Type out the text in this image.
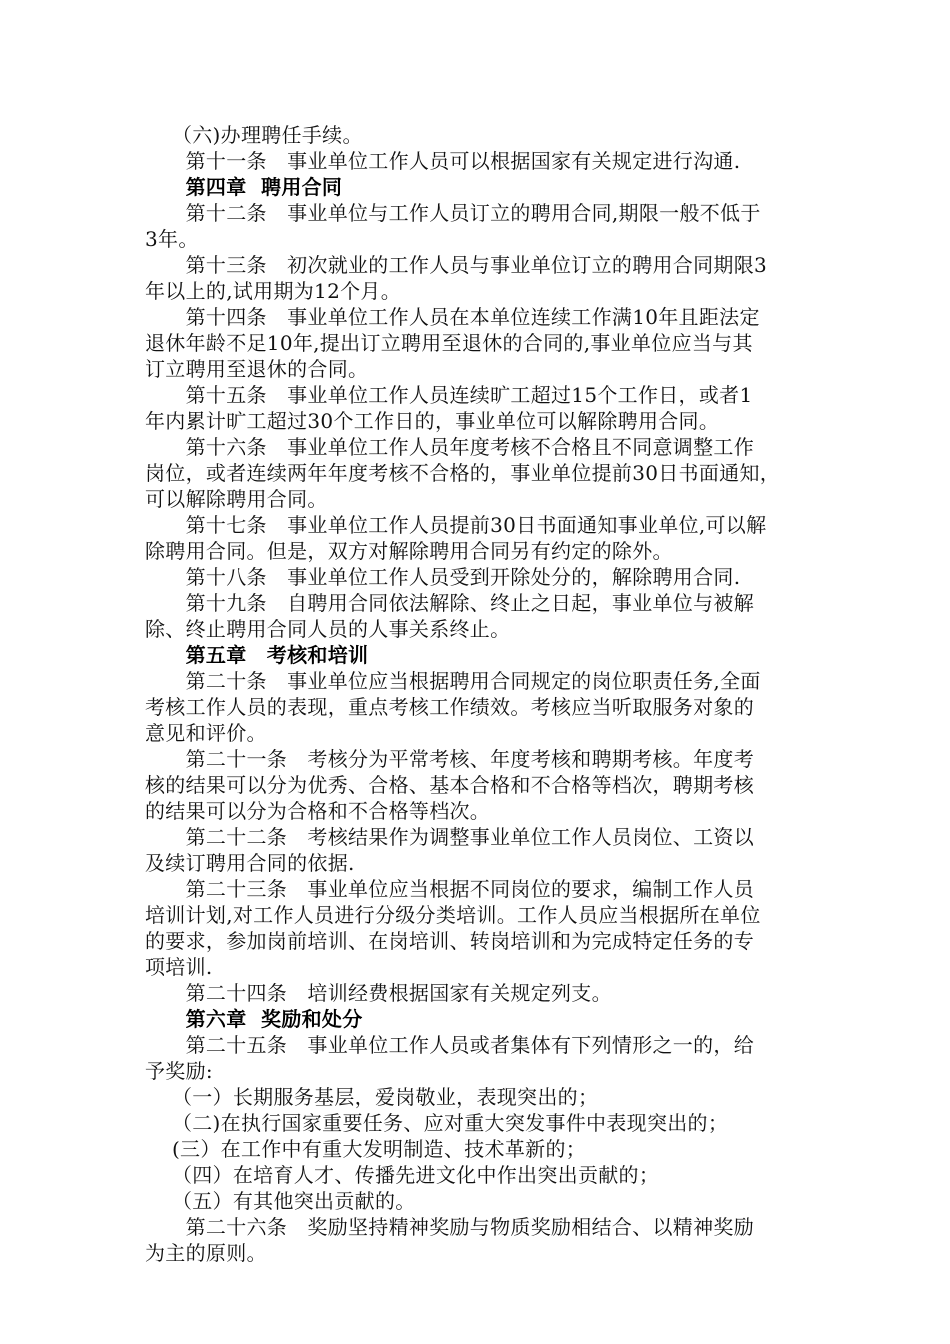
　 （六)办理聘任手续。
　　第十一条　事业单位工作人员可以根据国家有关规定进行沟通.
　　第四章  聘用合同
　　第十二条　事业单位与工作人员订立的聘用合同,期限一般不低于
3年。
　　第十三条　初次就业的工作人员与事业单位订立的聘用合同期限3
年以上的,试用期为12个月。
　　第十四条　事业单位工作人员在本单位连续工作满10年且距法定
退休年龄不足10年,提出订立聘用至退休的合同的,事业单位应当与其
订立聘用至退休的合同。
　　第十五条　事业单位工作人员连续旷工超过15个工作日，或者1
年内累计旷工超过30个工作日的，事业单位可以解除聘用合同。
　　第十六条　事业单位工作人员年度考核不合格且不同意调整工作
岗位，或者连续两年年度考核不合格的，事业单位提前30日书面通知，
可以解除聘用合同。
　　第十七条　事业单位工作人员提前30日书面通知事业单位,可以解
除聘用合同。但是，双方对解除聘用合同另有约定的除外。
　　第十八条　事业单位工作人员受到开除处分的，解除聘用合同.
　　第十九条　自聘用合同依法解除、终止之日起，事业单位与被解
除、终止聘用合同人员的人事关系终止。
　　第五章　考核和培训
　　第二十条　事业单位应当根据聘用合同规定的岗位职责任务,全面
考核工作人员的表现，重点考核工作绩效。考核应当听取服务对象的
意见和评价。
　　第二十一条　考核分为平常考核、年度考核和聘期考核。年度考
核的结果可以分为优秀、合格、基本合格和不合格等档次，聘期考核
的结果可以分为合格和不合格等档次。
　　第二十二条　考核结果作为调整事业单位工作人员岗位、工资以
及续订聘用合同的依据.
　　第二十三条　事业单位应当根据不同岗位的要求，编制工作人员
培训计划,对工作人员进行分级分类培训。工作人员应当根据所在单位
的要求，参加岗前培训、在岗培训、转岗培训和为完成特定任务的专
项培训.
　　第二十四条　培训经费根据国家有关规定列支。
　　第六章  奖励和处分
　　第二十五条　事业单位工作人员或者集体有下列情形之一的，给
予奖励:
　 （一）长期服务基层，爱岗敬业，表现突出的；
　 （二)在执行国家重要任务、应对重大突发事件中表现突出的；
　 (三）在工作中有重大发明制造、技术革新的；
　 （四）在培育人才、传播先进文化中作出突出贡献的；
　 （五）有其他突出贡献的。
　　第二十六条　奖励坚持精神奖励与物质奖励相结合、以精神奖励
为主的原则。
